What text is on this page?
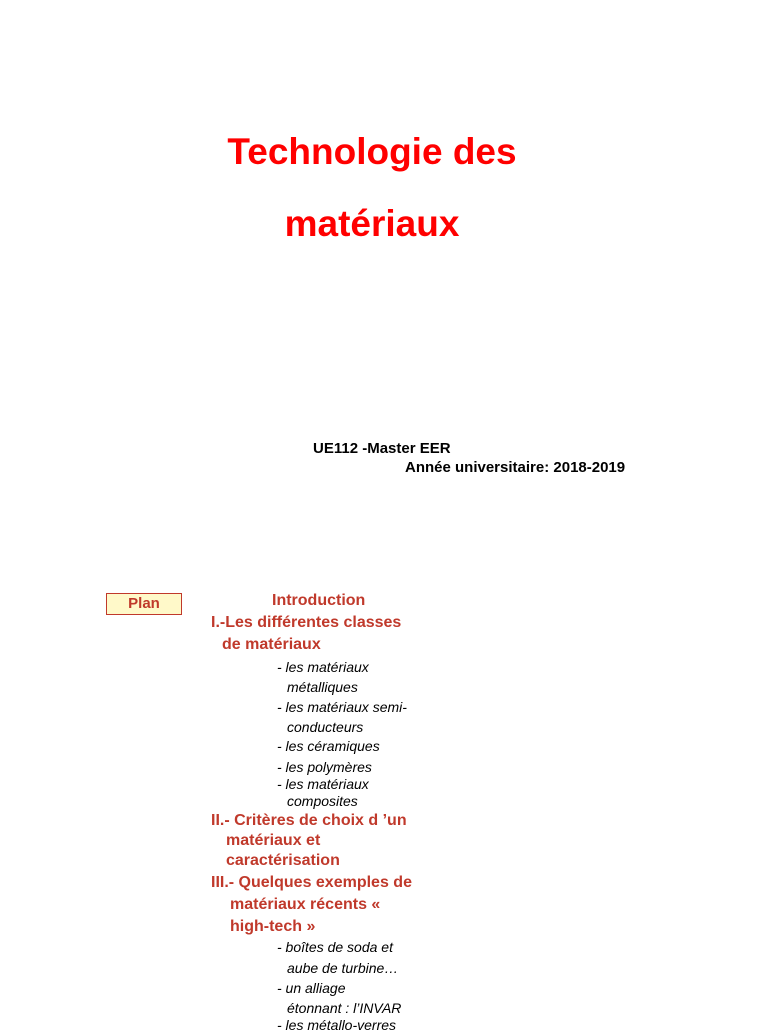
Technologie des
matériaux
UE112 -Master EER
Année universitaire: 2018-2019
Plan	Introduction
I.-Les différentes classes
de matériaux
- les matériaux
métalliques
- les matériaux semi-
conducteurs
- les céramiques
- les polymères
- les matériaux
composites
II.- Critères de choix d ’un
matériaux et
caractérisation
III.- Quelques exemples de
matériaux récents «
high-tech »
- boîtes de soda et
aube de turbine…
- un alliage
étonnant : l’INVAR
- les métallo-verres
